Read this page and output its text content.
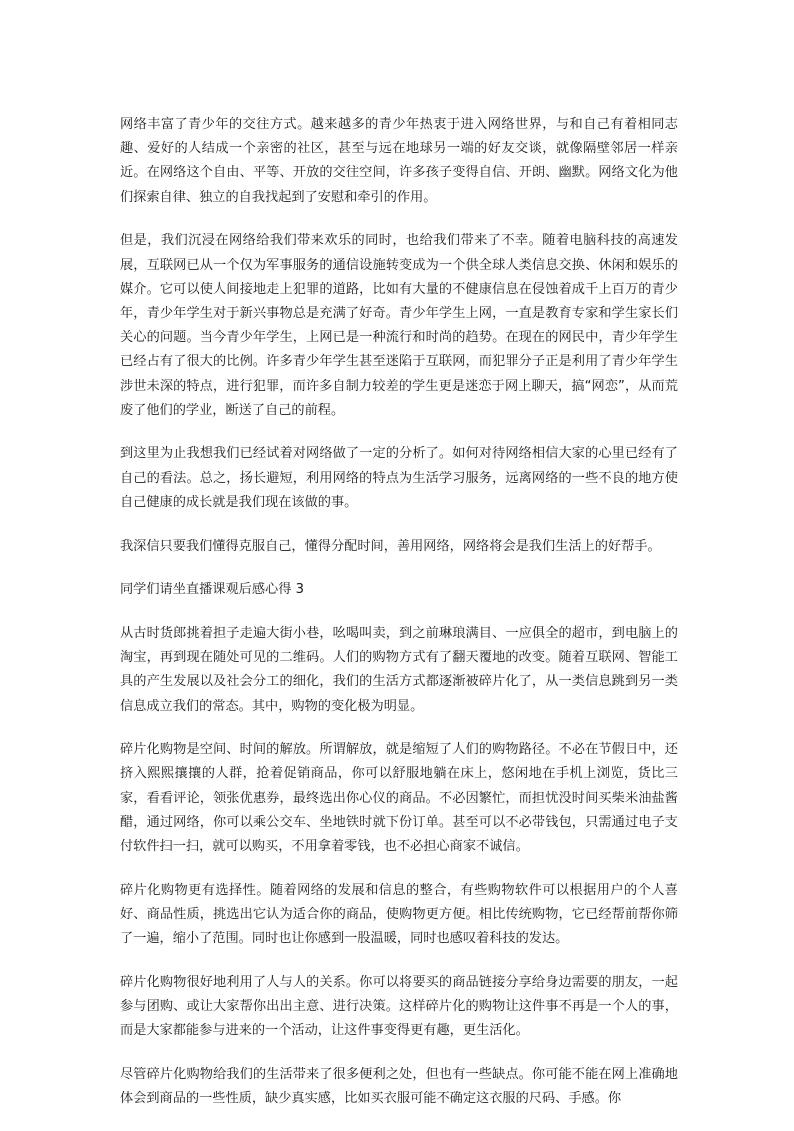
网络丰富了青少年的交往方式。越来越多的青少年热衷于进入网络世界，与和自己有着相同志趣、爱好的人结成一个亲密的社区，甚至与远在地球另一端的好友交谈，就像隔壁邻居一样亲近。在网络这个自由、平等、开放的交往空间，许多孩子变得自信、开朗、幽默。网络文化为他们探索自律、独立的自我找起到了安慰和牵引的作用。

但是，我们沉浸在网络给我们带来欢乐的同时，也给我们带来了不幸。随着电脑科技的高速发展，互联网已从一个仅为军事服务的通信设施转变成为一个供全球人类信息交换、休闲和娱乐的媒介。它可以使人间接地走上犯罪的道路，比如有大量的不健康信息在侵蚀着成千上百万的青少年，青少年学生对于新兴事物总是充满了好奇。青少年学生上网，一直是教育专家和学生家长们关心的问题。当今青少年学生，上网已是一种流行和时尚的趋势。在现在的网民中，青少年学生已经占有了很大的比例。许多青少年学生甚至迷陷于互联网，而犯罪分子正是利用了青少年学生涉世未深的特点，进行犯罪，而许多自制力较差的学生更是迷恋于网上聊天，搞“网恋”，从而荒废了他们的学业，断送了自己的前程。

到这里为止我想我们已经试着对网络做了一定的分析了。如何对待网络相信大家的心里已经有了自己的看法。总之，扬长避短，利用网络的特点为生活学习服务，远离网络的一些不良的地方使自己健康的成长就是我们现在该做的事。

我深信只要我们懂得克服自己，懂得分配时间，善用网络，网络将会是我们生活上的好帮手。

同学们请坐直播课观后感心得 3

从古时货郎挑着担子走遍大街小巷，吆喝叫卖，到之前琳琅满目、一应俱全的超市，到电脑上的淘宝，再到现在随处可见的二维码。人们的购物方式有了翻天覆地的改变。随着互联网、智能工具的产生发展以及社会分工的细化，我们的生活方式都逐渐被碎片化了，从一类信息跳到另一类信息成立我们的常态。其中，购物的变化极为明显。

碎片化购物是空间、时间的解放。所谓解放，就是缩短了人们的购物路径。不必在节假日中，还挤入熙熙攘攘的人群，抢着促销商品，你可以舒服地躺在床上，悠闲地在手机上浏览，货比三家，看看评论，领张优惠券，最终选出你心仪的商品。不必因繁忙，而担忧没时间买柴米油盐酱醋，通过网络，你可以乘公交车、坐地铁时就下份订单。甚至可以不必带钱包，只需通过电子支付软件扫一扫，就可以购买，不用拿着零钱，也不必担心商家不诚信。

碎片化购物更有选择性。随着网络的发展和信息的整合，有些购物软件可以根据用户的个人喜好、商品性质，挑选出它认为适合你的商品，使购物更方便。相比传统购物，它已经帮前帮你筛了一遍，缩小了范围。同时也让你感到一股温暖，同时也感叹着科技的发达。

碎片化购物很好地利用了人与人的关系。你可以将要买的商品链接分享给身边需要的朋友，一起参与团购、或让大家帮你出出主意、进行决策。这样碎片化的购物让这件事不再是一个人的事，而是大家都能参与进来的一个活动，让这件事变得更有趣，更生活化。

尽管碎片化购物给我们的生活带来了很多便利之处，但也有一些缺点。你可能不能在网上准确地体会到商品的一些性质，缺少真实感，比如买衣服可能不确定这衣服的尺码、手感。你
